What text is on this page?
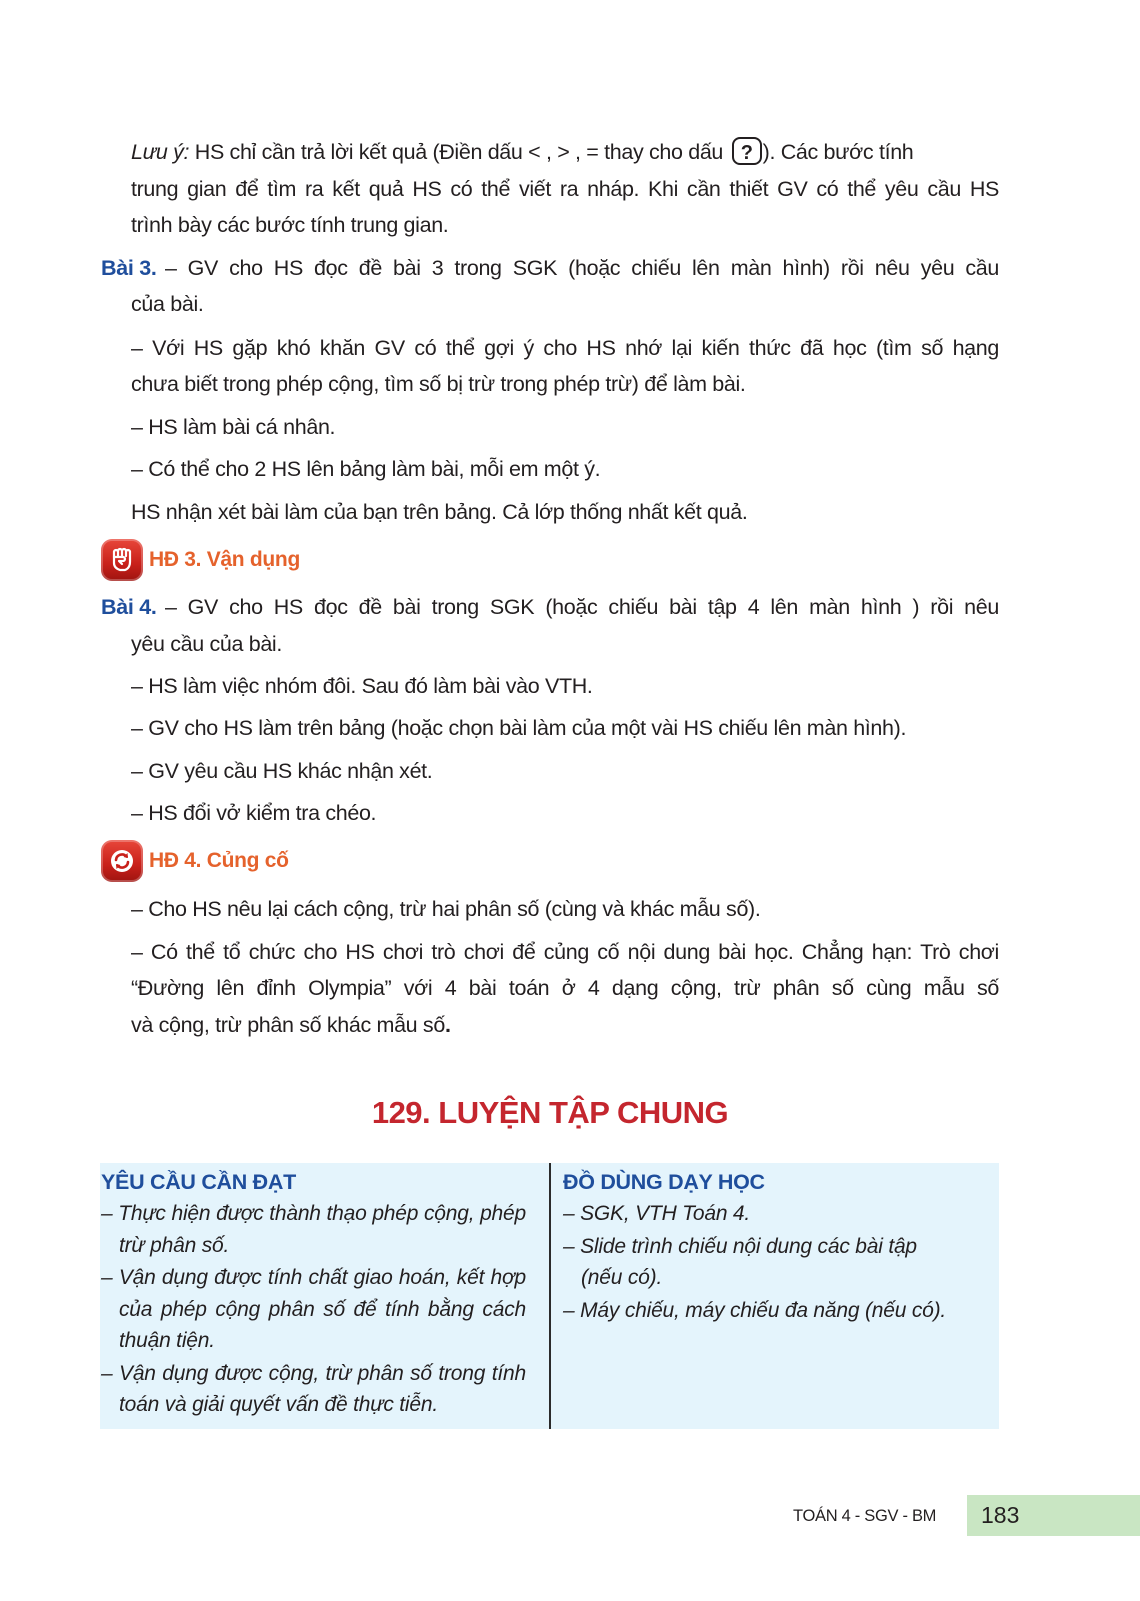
Lưu ý: HS chỉ cần trả lời kết quả (Điền dấu < , > , = thay cho dấu ? ). Các bước tính
trung gian để tìm ra kết quả HS có thể viết ra nháp. Khi cần thiết GV có thể yêu cầu HS
trình bày các bước tính trung gian.
Bài 3. – GV cho HS đọc đề bài 3 trong SGK (hoặc chiếu lên màn hình) rồi nêu yêu cầu
của bài.
– Với HS gặp khó khăn GV có thể gợi ý cho HS nhớ lại kiến thức đã học (tìm số hạng
chưa biết trong phép cộng, tìm số bị trừ trong phép trừ) để làm bài.
– HS làm bài cá nhân.
– Có thể cho 2 HS lên bảng làm bài, mỗi em một ý.
HS nhận xét bài làm của bạn trên bảng. Cả lớp thống nhất kết quả.
HĐ 3. Vận dụng
Bài 4. – GV cho HS đọc đề bài trong SGK (hoặc chiếu bài tập 4 lên màn hình ) rồi nêu
yêu cầu của bài.
– HS làm việc nhóm đôi. Sau đó làm bài vào VTH.
– GV cho HS làm trên bảng (hoặc chọn bài làm của một vài HS chiếu lên màn hình).
– GV yêu cầu HS khác nhận xét.
– HS đổi vở kiểm tra chéo.
HĐ 4. Củng cố
– Cho HS nêu lại cách cộng, trừ hai phân số (cùng và khác mẫu số).
– Có thể tổ chức cho HS chơi trò chơi để củng cố nội dung bài học. Chẳng hạn: Trò chơi
“Đường lên đỉnh Olympia” với 4 bài toán ở 4 dạng cộng, trừ phân số cùng mẫu số
và cộng, trừ phân số khác mẫu số.
129. LUYỆN TẬP CHUNG
YÊU CẦU CẦN ĐẠT
– Thực hiện được thành thạo phép cộng, phép trừ phân số.
– Vận dụng được tính chất giao hoán, kết hợp của phép cộng phân số để tính bằng cách thuận tiện.
– Vận dụng được cộng, trừ phân số trong tính toán và giải quyết vấn đề thực tiễn.
ĐỒ DÙNG DẠY HỌC
– SGK, VTH Toán 4.
– Slide trình chiếu nội dung các bài tập (nếu có).
– Máy chiếu, máy chiếu đa năng (nếu có).
TOÁN 4 - SGV - BM 183
